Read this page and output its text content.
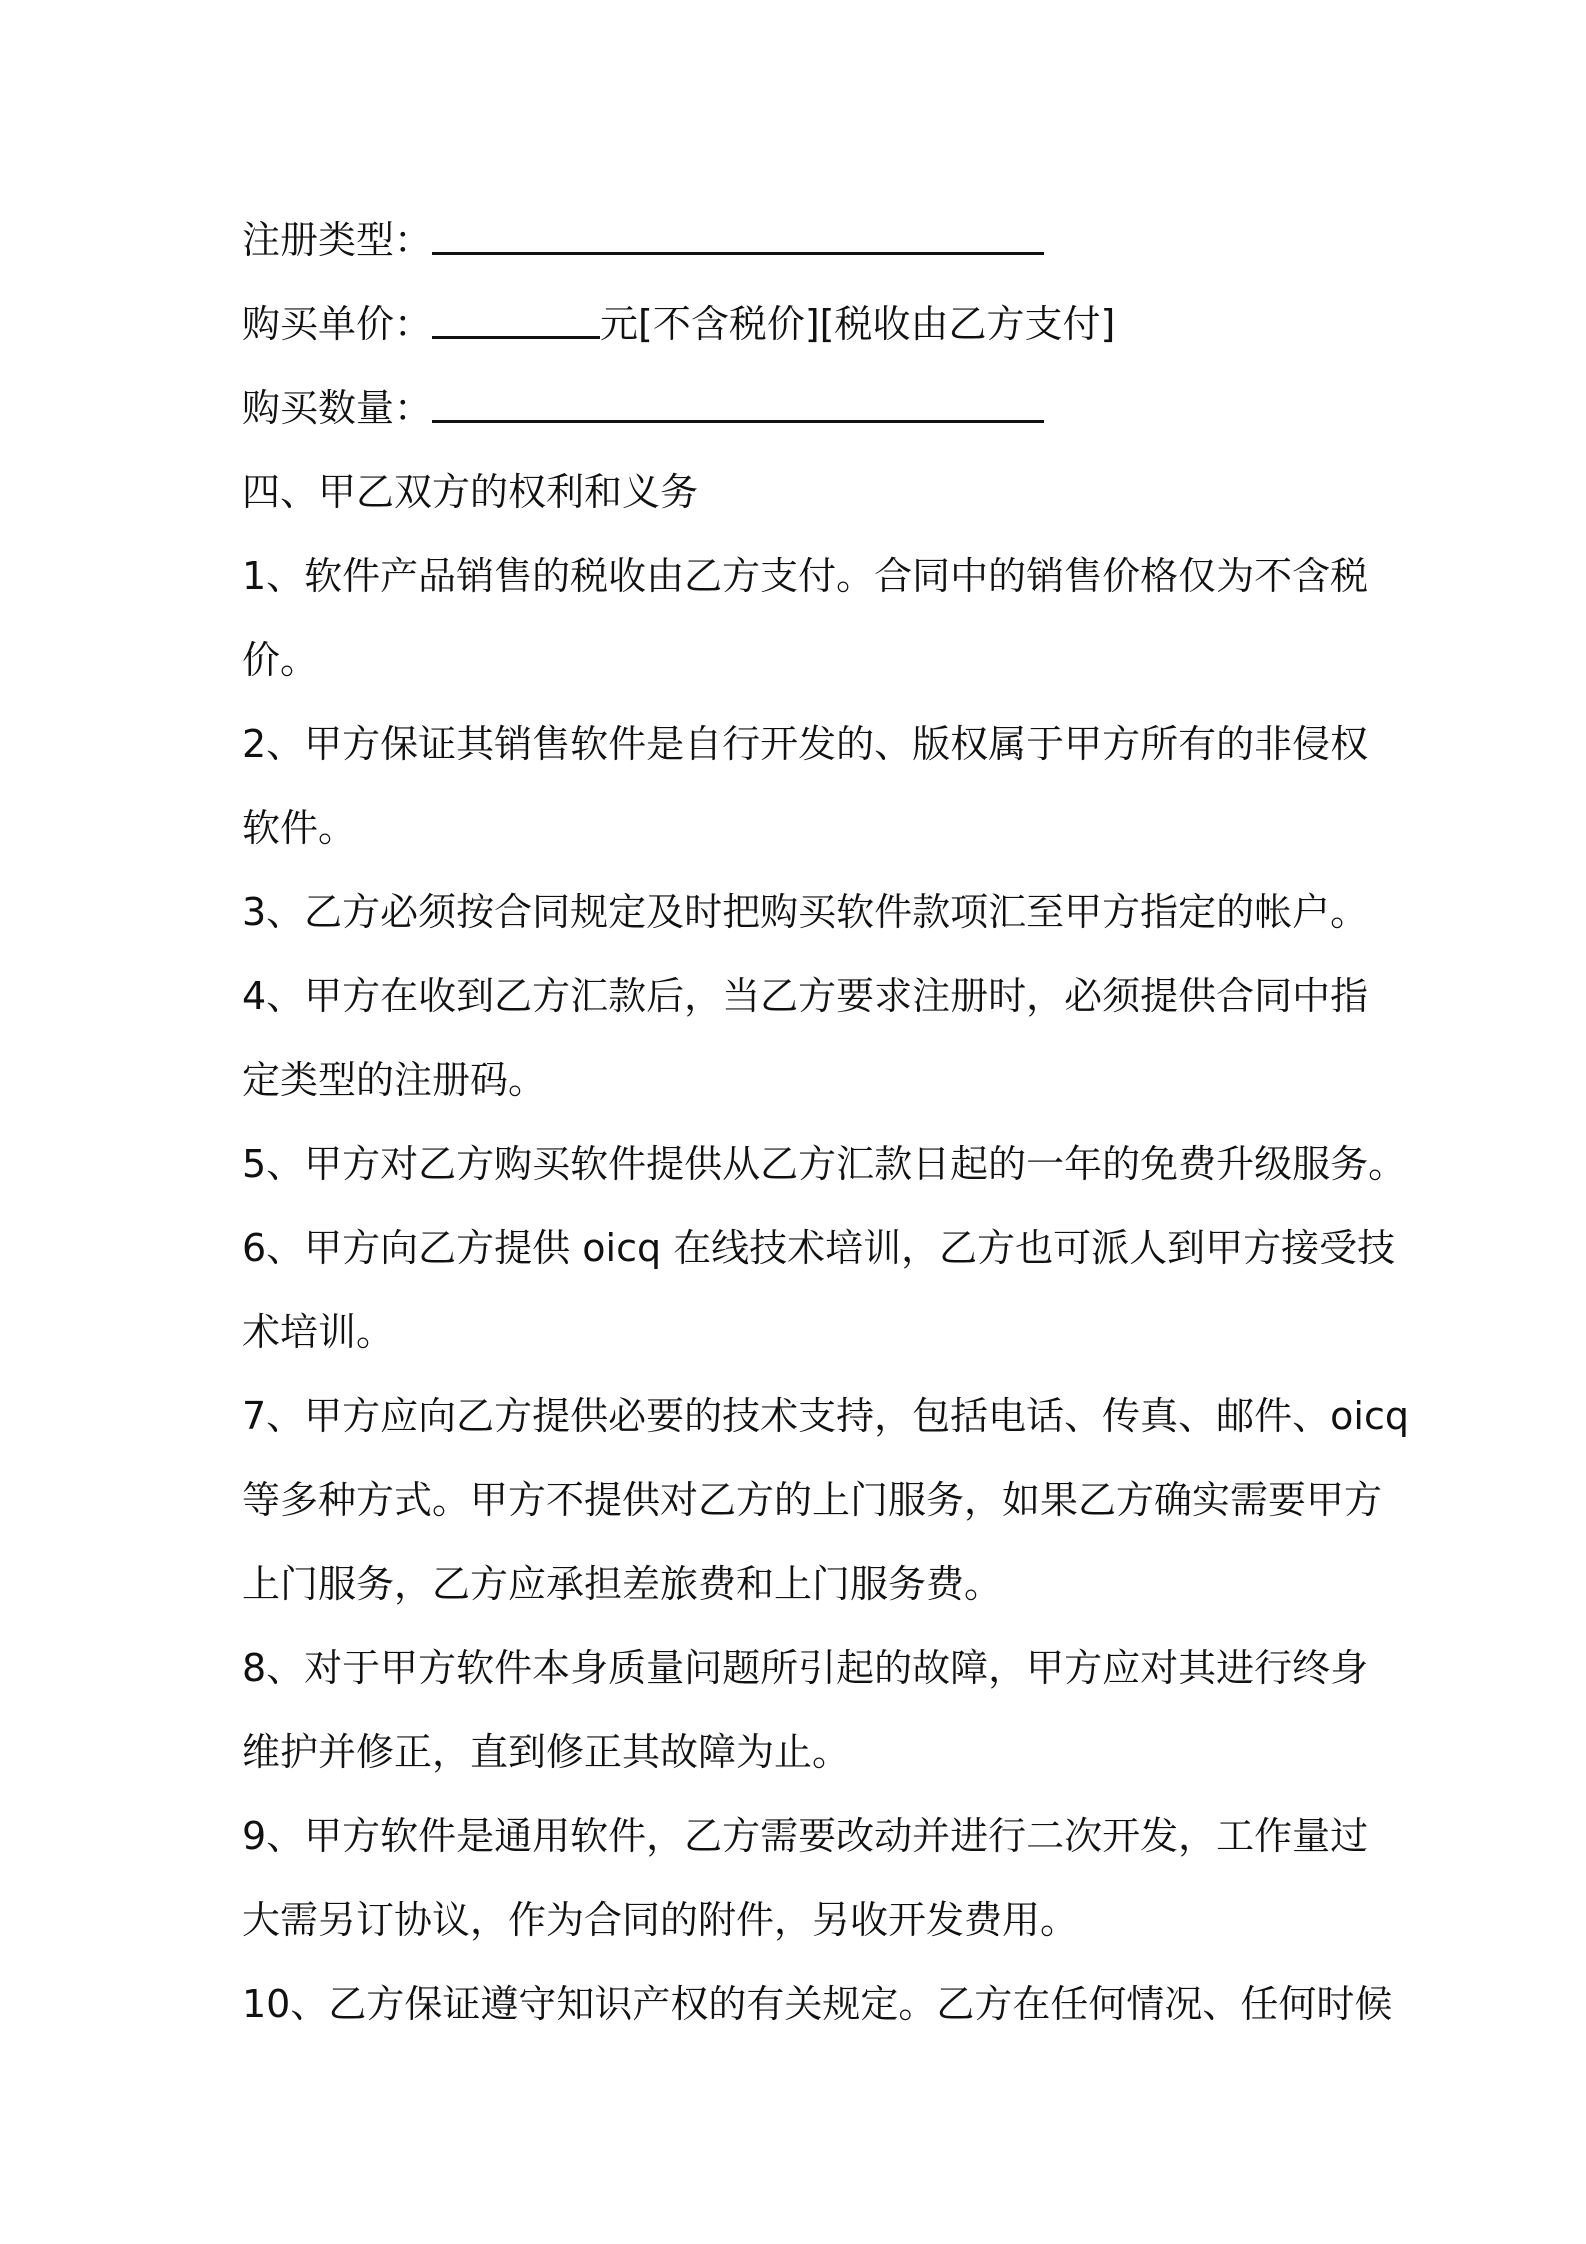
注册类型：
购买单价：	元[不含税价][税收由乙方支付]
购买数量：
四、甲乙双方的权利和义务
1、软件产品销售的税收由乙方支付。合同中的销售价格仅为不含税
价。
2、甲方保证其销售软件是自行开发的、版权属于甲方所有的非侵权
软件。
3、乙方必须按合同规定及时把购买软件款项汇至甲方指定的帐户。
4、甲方在收到乙方汇款后，当乙方要求注册时，必须提供合同中指
定类型的注册码。
5、甲方对乙方购买软件提供从乙方汇款日起的一年的免费升级服务。
6、甲方向乙方提供 oicq 在线技术培训，乙方也可派人到甲方接受技
术培训。
7、甲方应向乙方提供必要的技术支持，包括电话、传真、邮件、oicq
等多种方式。甲方不提供对乙方的上门服务，如果乙方确实需要甲方
上门服务，乙方应承担差旅费和上门服务费。
8、对于甲方软件本身质量问题所引起的故障，甲方应对其进行终身
维护并修正，直到修正其故障为止。
9、甲方软件是通用软件，乙方需要改动并进行二次开发，工作量过
大需另订协议，作为合同的附件，另收开发费用。
10、乙方保证遵守知识产权的有关规定。乙方在任何情况、任何时候
